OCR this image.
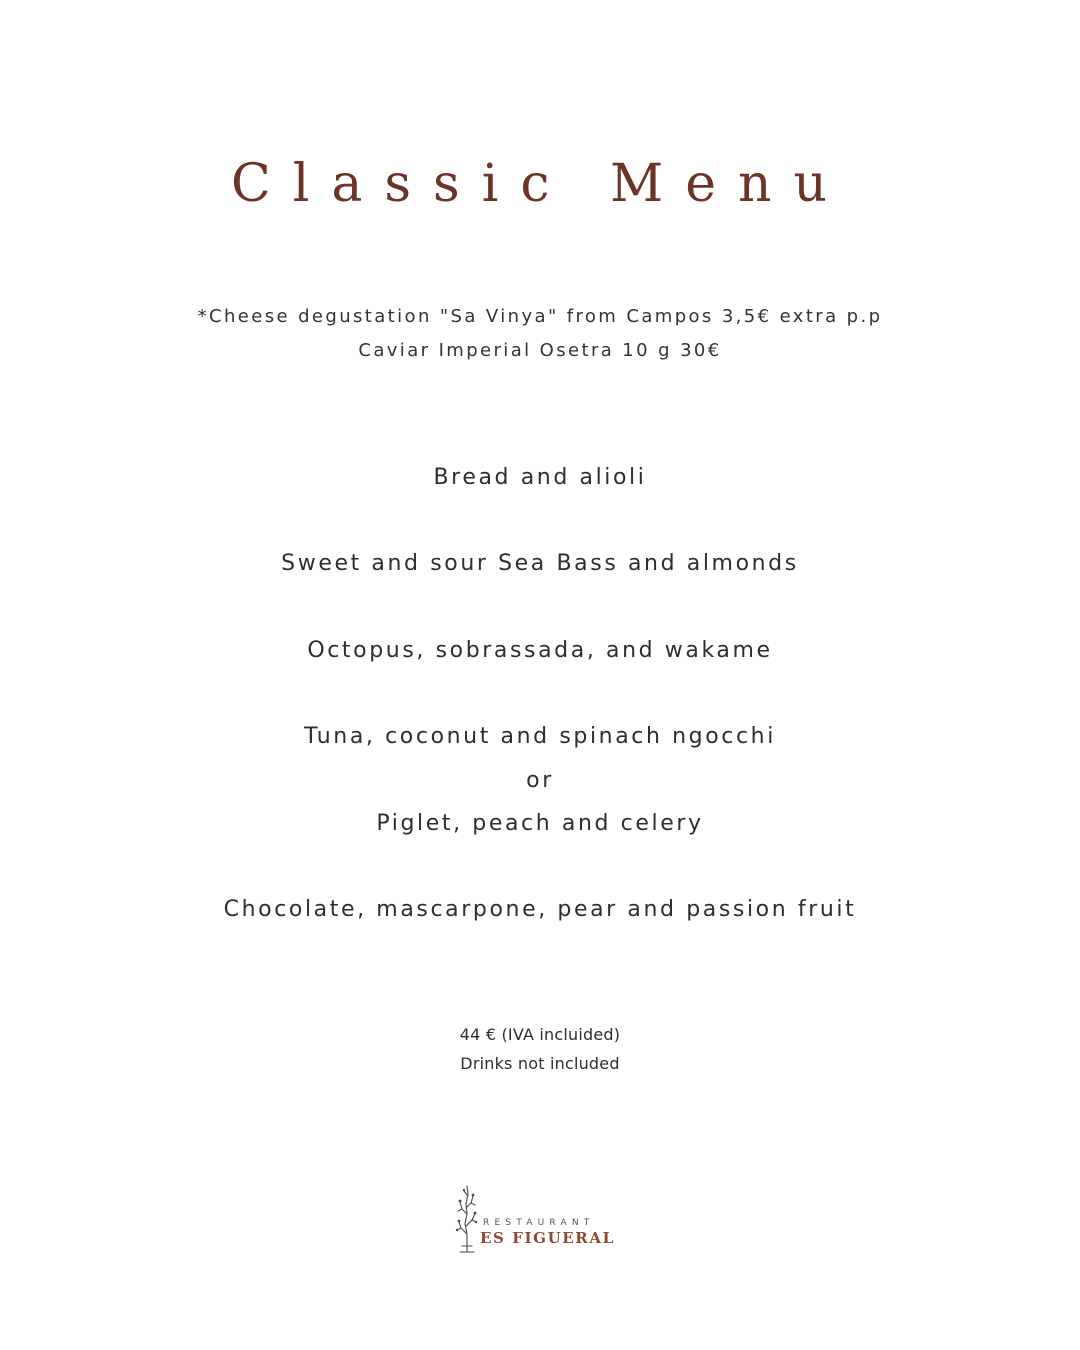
Classic Menu
*Cheese degustation "Sa Vinya" from Campos 3,5€ extra p.p
Caviar Imperial Osetra 10 g 30€
Bread and alioli
Sweet and sour Sea Bass and almonds
Octopus, sobrassada, and wakame
Tuna, coconut and spinach ngocchi
or
Piglet, peach and celery
Chocolate, mascarpone, pear and passion fruit
44 € (IVA incluided)
Drinks not included
RESTAURANT
ES FIGUERAL
